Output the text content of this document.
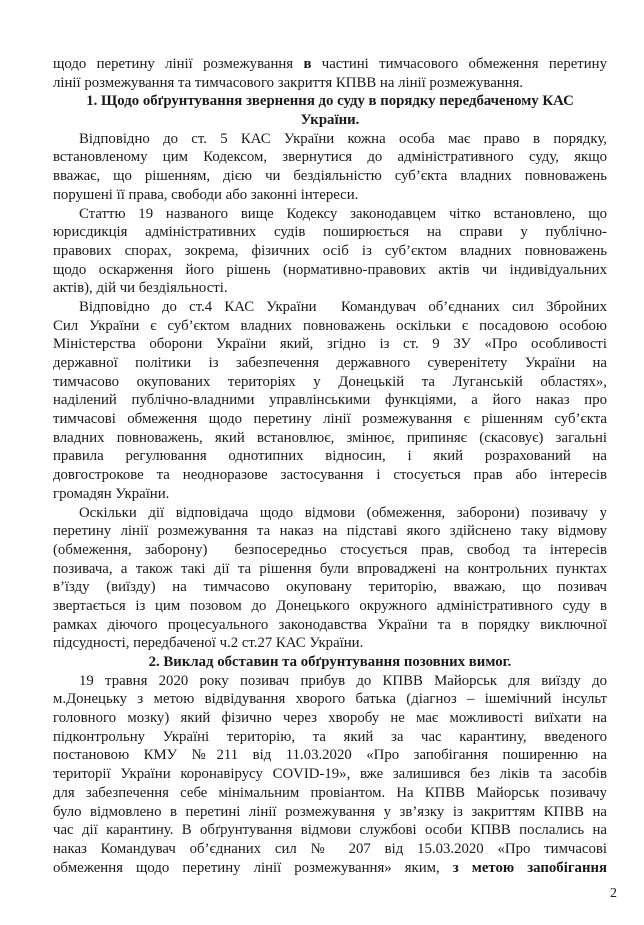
щодо перетину лінії розмежування в частині тимчасового обмеження перетину
лінії розмежування та тимчасового закриття КПВВ на лінії розмежування.
1. Щодо обґрунтування звернення до суду в порядку передбаченому КАС
України.
Відповідно до ст. 5 КАС України кожна особа має право в порядку,
встановленому цим Кодексом, звернутися до адміністративного суду, якщо
вважає, що рішенням, дією чи бездіяльністю суб’єкта владних повноважень
порушені її права, свободи або законні інтереси.
Статтю 19 названого вище Кодексу законодавцем чітко встановлено, що
юрисдикція адміністративних судів поширюється на справи у публічно-
правових спорах, зокрема, фізичних осіб із суб’єктом владних повноважень
щодо оскарження його рішень (нормативно-правових актів чи індивідуальних
актів), дій чи бездіяльності.
Відповідно до ст.4 КАС України  Командувач об’єднаних сил Збройних
Сил України є суб’єктом владних повноважень оскільки є посадовою особою
Міністерства оборони України який, згідно із ст. 9 ЗУ «Про особливості
державної політики із забезпечення державного суверенітету України на
тимчасово окупованих територіях у Донецькій та Луганській областях»,
наділений публічно-владними управлінськими функціями, а його наказ про
тимчасові обмеження щодо перетину лінії розмежування є рішенням суб’єкта
владних повноважень, який встановлює, змінює, припиняє (скасовує) загальні
правила регулювання однотипних відносин, і який розрахований на
довгострокове та неодноразове застосування і стосується прав або інтересів
громадян України.
Оскільки дії відповідача щодо відмови (обмеження, заборони) позивачу у
перетину лінії розмежування та наказ на підставі якого здійснено таку відмову
(обмеження, заборону)  безпосередньо стосується прав, свобод та інтересів
позивача, а також такі дії та рішення були впроваджені на контрольних пунктах
в’їзду (виїзду) на тимчасово окуповану територію, вважаю, що позивач
звертається із цим позовом до Донецького окружного адміністративного суду в
рамках діючого процесуального законодавства України та в порядку виключної
підсудності, передбаченої ч.2 ст.27 КАС України.
2. Виклад обставин та обґрунтування позовних вимог.
19 травня 2020 року позивач прибув до КПВВ Майорськ для виїзду до
м.Донецьку з метою відвідування хворого батька (діагноз – ішемічний інсульт
головного мозку) який фізично через хворобу не має можливості виїхати на
підконтрольну Україні територію, та який за час карантину, введеного
постановою КМУ №211 від 11.03.2020 «Про запобігання поширенню на
території України коронавірусу COVID-19», вже залишився без ліків та засобів
для забезпечення себе мінімальним провіантом. На КПВВ Майорськ позивачу
було відмовлено в перетині лінії розмежування у зв’язку із закриттям КПВВ на
час дії карантину. В обґрунтування відмови службові особи КПВВ послались на
наказ Командувач об’єднаних сил № 207 від 15.03.2020 «Про тимчасові
обмеження щодо перетину лінії розмежування» яким, з метою запобігання
2
